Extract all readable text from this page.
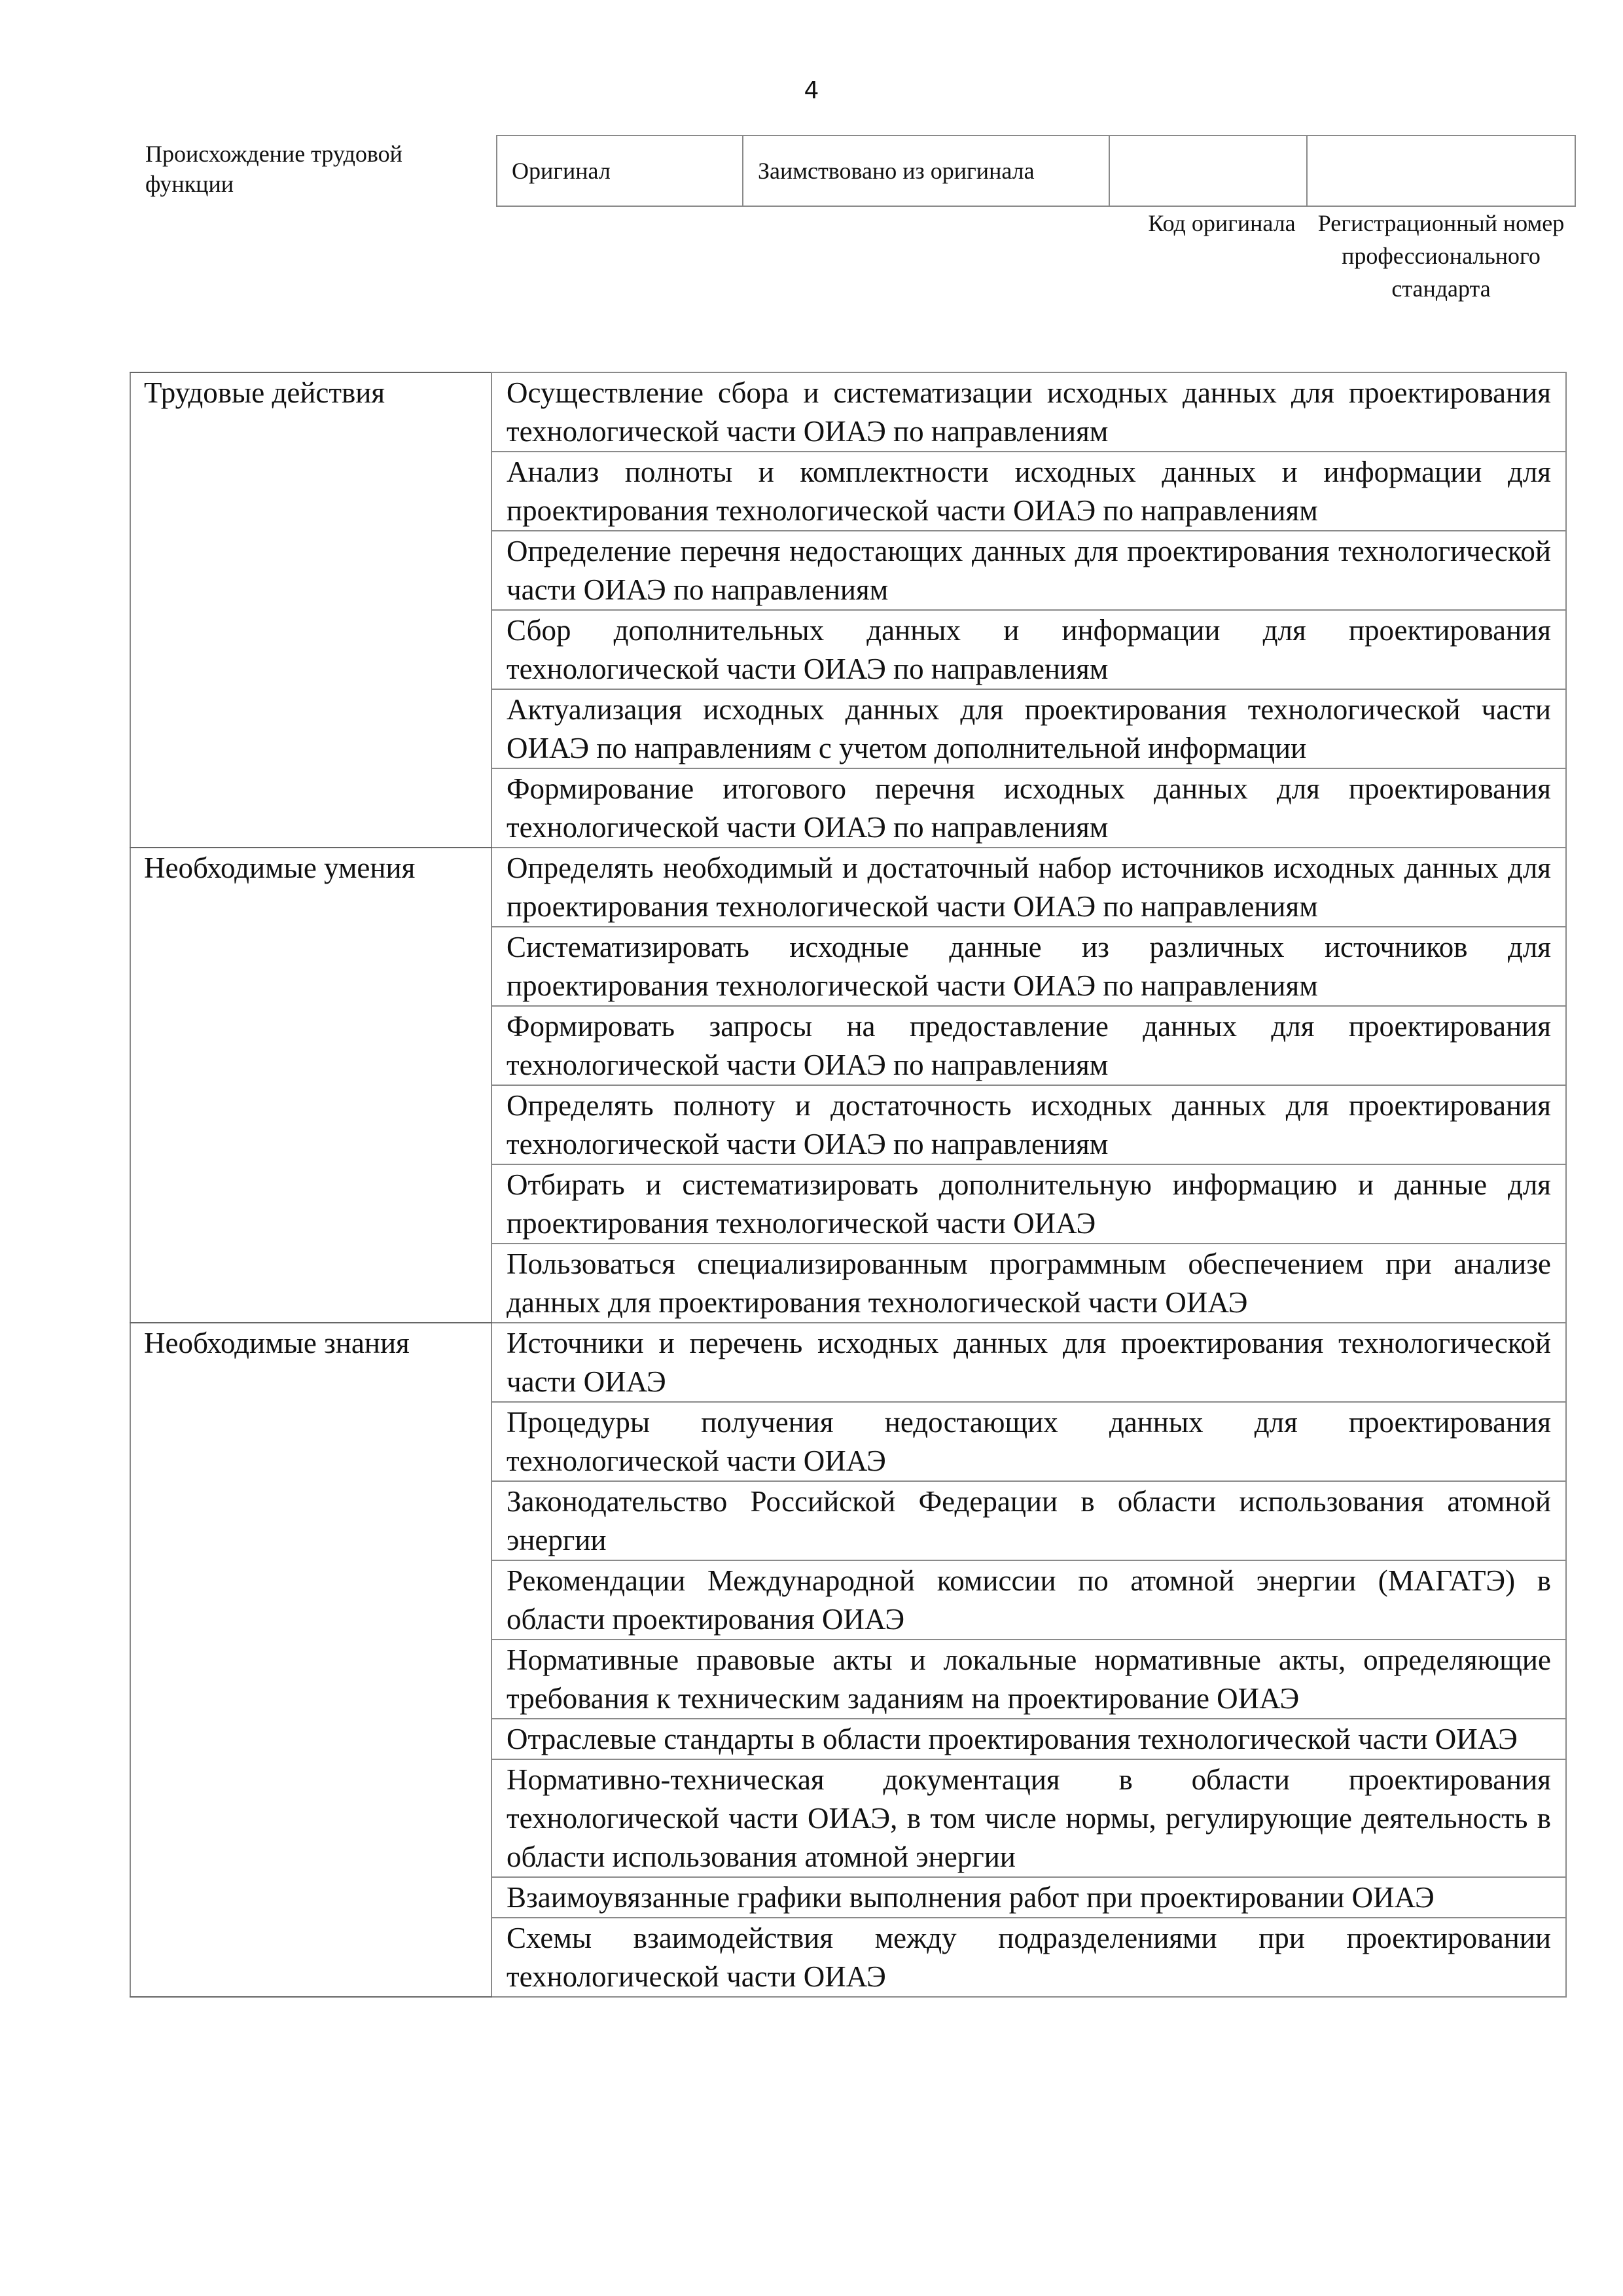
4
Происхождение трудовой функции	Оригинал	Заимствовано из оригинала		
Код оригинала Регистрационный номер профессионального стандарта
Трудовые действия	Осуществление сбора и систематизации исходных данных для проектирования технологической части ОИАЭ по направлениям
	Анализ полноты и комплектности исходных данных и информации для проектирования технологической части ОИАЭ по направлениям
	Определение перечня недостающих данных для проектирования технологической части ОИАЭ по направлениям
	Сбор дополнительных данных и информации для проектирования технологической части ОИАЭ по направлениям
	Актуализация исходных данных для проектирования технологической части ОИАЭ по направлениям с учетом дополнительной информации
	Формирование итогового перечня исходных данных для проектирования технологической части ОИАЭ по направлениям
Необходимые умения	Определять необходимый и достаточный набор источников исходных данных для проектирования технологической части ОИАЭ по направлениям
	Систематизировать исходные данные из различных источников для проектирования технологической части ОИАЭ по направлениям
	Формировать запросы на предоставление данных для проектирования технологической части ОИАЭ по направлениям
	Определять полноту и достаточность исходных данных для проектирования технологической части ОИАЭ по направлениям
	Отбирать и систематизировать дополнительную информацию и данные для проектирования технологической части ОИАЭ
	Пользоваться специализированным программным обеспечением при анализе данных для проектирования технологической части ОИАЭ
Необходимые знания	Источники и перечень исходных данных для проектирования технологической части ОИАЭ
	Процедуры получения недостающих данных для проектирования технологической части ОИАЭ
	Законодательство Российской Федерации в области использования атомной энергии
	Рекомендации Международной комиссии по атомной энергии (МАГАТЭ) в области проектирования ОИАЭ
	Нормативные правовые акты и локальные нормативные акты, определяющие требования к техническим заданиям на проектирование ОИАЭ
	Отраслевые стандарты в области проектирования технологической части ОИАЭ
	Нормативно-техническая документация в области проектирования технологической части ОИАЭ, в том числе нормы, регулирующие деятельность в области использования атомной энергии
	Взаимоувязанные графики выполнения работ при проектировании ОИАЭ
	Схемы взаимодействия между подразделениями при проектировании технологической части ОИАЭ
